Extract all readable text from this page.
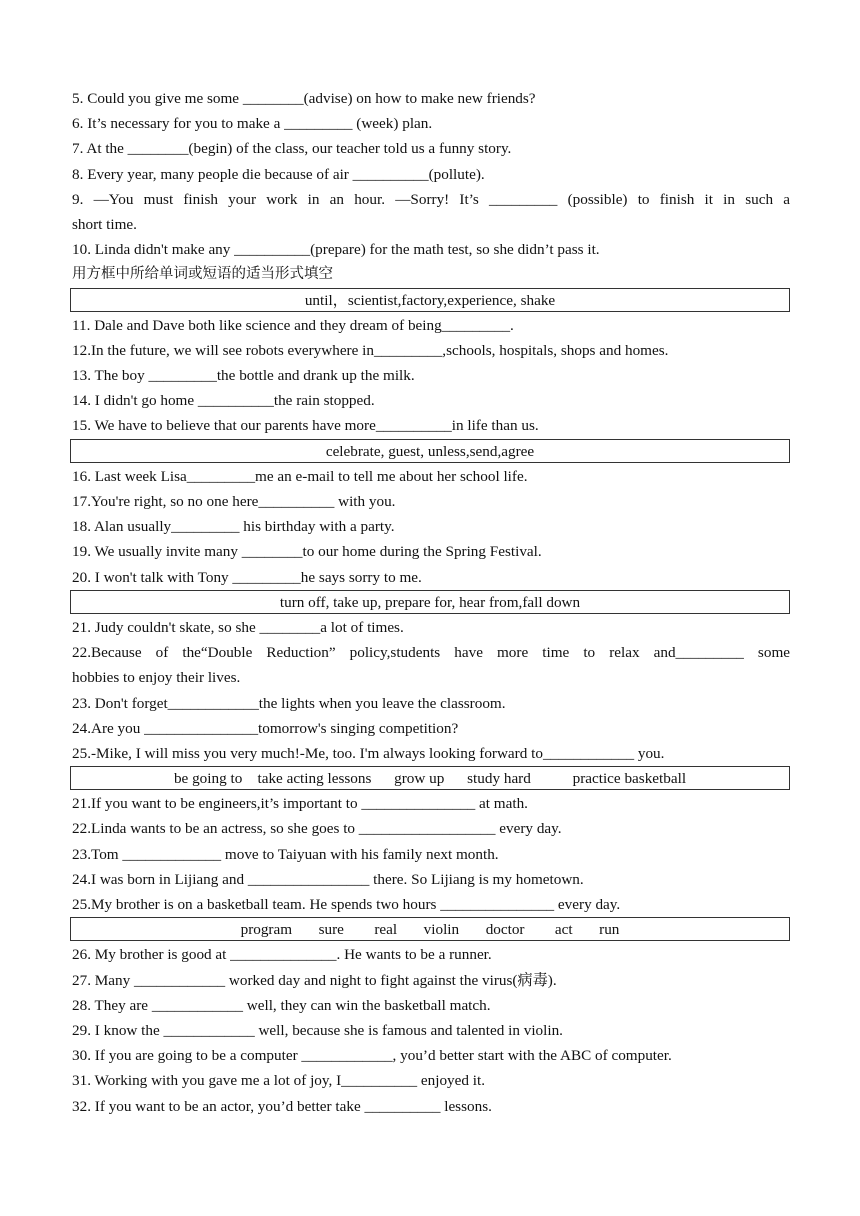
5. Could you give me some ________(advise) on how to make new friends?
6. It’s necessary for you to make a _________ (week) plan.
7. At the ________(begin) of the class, our teacher told us a funny story.
8. Every year, many people die because of air __________(pollute).
9. —You must finish your work in an hour. —Sorry! It’s _________ (possible) to finish it in such a
short time.
10. Linda didn't make any __________(prepare) for the math test, so she didn’t pass it.
用方框中所给单词或短语的适当形式填空
until，scientist,factory,experience, shake
11. Dale and Dave both like science and they dream of being_________.
12.In the future, we will see robots everywhere in_________,schools, hospitals, shops and homes.
13. The boy _________the bottle and drank up the milk.
14. I didn't go home __________the rain stopped.
15. We have to believe that our parents have more__________in life than us.
celebrate, guest, unless,send,agree
16. Last week Lisa_________me an e-mail to tell me about her school life.
17.You're right, so no one here__________ with you.
18. Alan usually_________ his birthday with a party.
19. We usually invite many ________to our home during the Spring Festival.
20. I won't talk with Tony _________he says sorry to me.
turn off, take up, prepare for, hear from,fall down
21. Judy couldn't skate, so she ________a lot of times.
22.Because of the“Double Reduction” policy,students have more time to relax and_________ some
hobbies to enjoy their lives.
23. Don't forget____________the lights when you leave the classroom.
24.Are you _______________tomorrow's singing competition?
25.-Mike, I will miss you very much!-Me, too. I'm always looking forward to____________ you.
be going to take acting lessons grow up study hard	practice basketball
21.If you want to be engineers,it’s important to _______________ at math.
22.Linda wants to be an actress, so she goes to __________________ every day.
23.Tom _____________ move to Taiyuan with his family next month.
24.I was born in Lijiang and ________________ there. So Lijiang is my hometown.
25.My brother is on a basketball team. He spends two hours _______________ every day.
program sure real violin doctor act run
26. My brother is good at ______________. He wants to be a runner.
27. Many ____________ worked day and night to fight against the virus(病毒).
28. They are ____________ well, they can win the basketball match.
29. I know the ____________ well, because she is famous and talented in violin.
30. If you are going to be a computer ____________, you’d better start with the ABC of computer.
31. Working with you gave me a lot of joy, I__________ enjoyed it.
32. If you want to be an actor, you’d better take __________ lessons.
